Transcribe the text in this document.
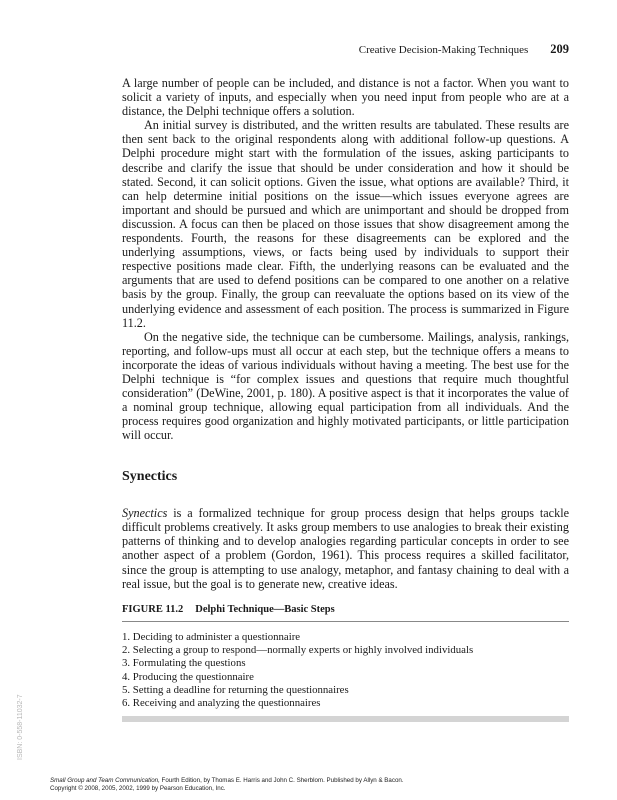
Creative Decision-Making Techniques 209

A large number of people can be included, and distance is not a factor. When you want to solicit a variety of inputs, and especially when you need input from people who are at a distance, the Delphi technique offers a solution.

An initial survey is distributed, and the written results are tabulated. These results are then sent back to the original respondents along with additional follow-up questions. A Delphi procedure might start with the formulation of the issues, asking participants to describe and clarify the issue that should be under consideration and how it should be stated. Second, it can solicit options. Given the issue, what options are available? Third, it can help determine initial positions on the issue—which issues everyone agrees are important and should be pursued and which are unimportant and should be dropped from discussion. A focus can then be placed on those issues that show disagreement among the respondents. Fourth, the reasons for these disagreements can be explored and the underlying assumptions, views, or facts being used by individuals to support their respective positions made clear. Fifth, the underlying reasons can be evaluated and the arguments that are used to defend positions can be compared to one another on a relative basis by the group. Finally, the group can reevaluate the options based on its view of the underlying evidence and assessment of each position. The process is summarized in Figure 11.2.

On the negative side, the technique can be cumbersome. Mailings, analysis, rankings, reporting, and follow-ups must all occur at each step, but the technique offers a means to incorporate the ideas of various individuals without having a meeting. The best use for the Delphi technique is “for complex issues and questions that require much thoughtful consideration” (DeWine, 2001, p. 180). A positive aspect is that it incorporates the value of a nominal group technique, allowing equal participation from all individuals. And the process requires good organization and highly motivated participants, or little participation will occur.

Synectics

Synectics is a formalized technique for group process design that helps groups tackle difficult problems creatively. It asks group members to use analogies to break their existing patterns of thinking and to develop analogies regarding particular concepts in order to see another aspect of a problem (Gordon, 1961). This process requires a skilled facilitator, since the group is attempting to use analogy, metaphor, and fantasy chaining to deal with a real issue, but the goal is to generate new, creative ideas.

FIGURE 11.2 Delphi Technique—Basic Steps
1. Deciding to administer a questionnaire
2. Selecting a group to respond—normally experts or highly involved individuals
3. Formulating the questions
4. Producing the questionnaire
5. Setting a deadline for returning the questionnaires
6. Receiving and analyzing the questionnaires
ISBN: 0-558-11032-7
Small Group and Team Communication, Fourth Edition, by Thomas E. Harris and John C. Sherblom. Published by Allyn & Bacon.
Copyright © 2008, 2005, 2002, 1999 by Pearson Education, Inc.
